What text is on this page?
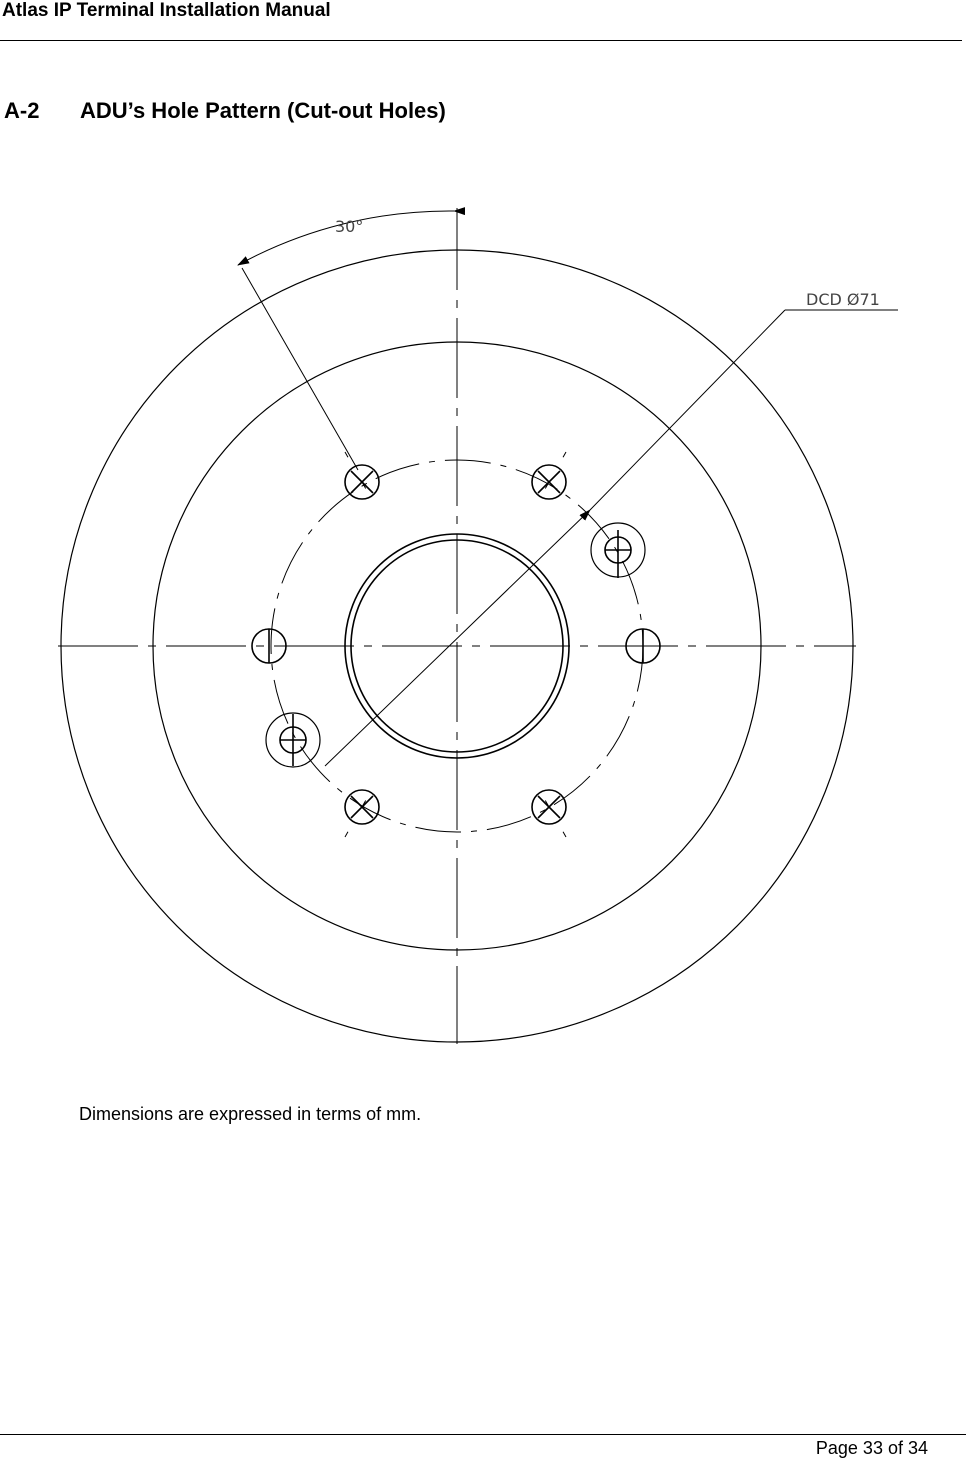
Atlas IP Terminal Installation Manual
A-2 ADU’s Hole Pattern (Cut-out Holes)
30°
DCD Ø71
Dimensions are expressed in terms of mm.
Page 33 of 34
